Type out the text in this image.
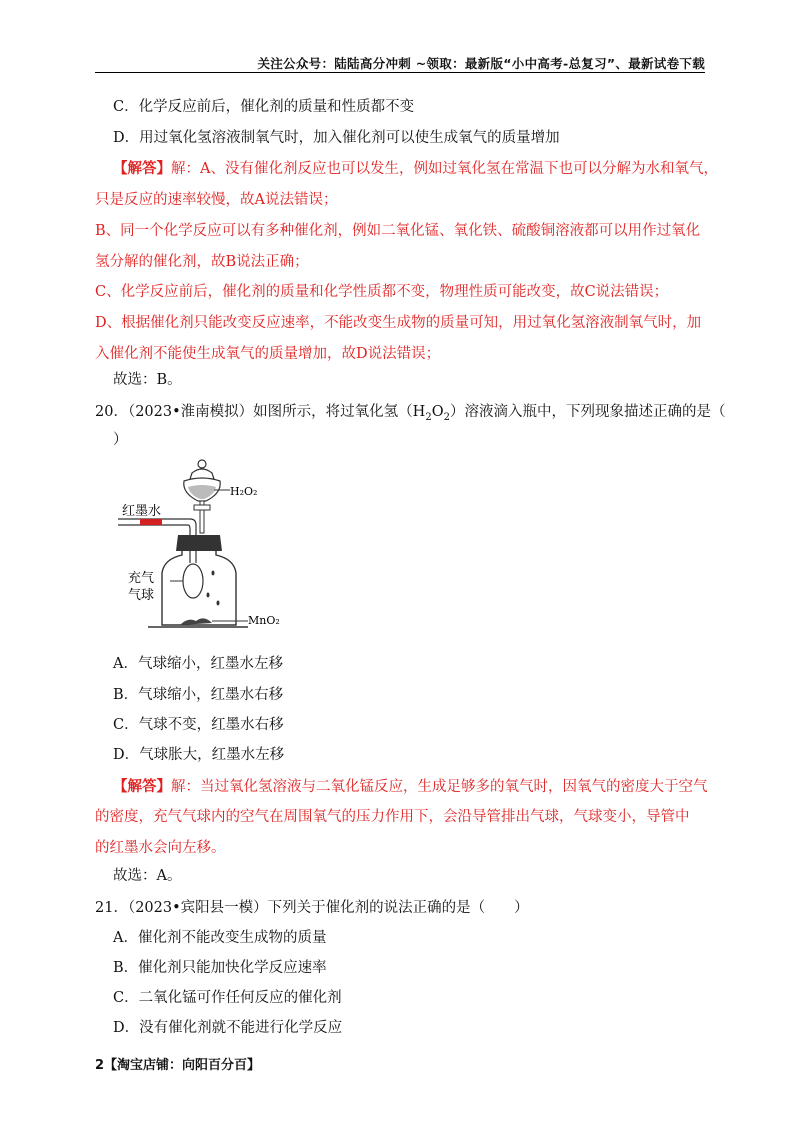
关注公众号：陆陆高分冲刺 ~领取：最新版“小中高考-总复习”、最新试卷下载
C．化学反应前后，催化剂的质量和性质都不变
D．用过氧化氢溶液制氧气时，加入催化剂可以使生成氧气的质量增加
【解答】解：A、没有催化剂反应也可以发生，例如过氧化氢在常温下也可以分解为水和氧气，
只是反应的速率较慢，故A说法错误；
B、同一个化学反应可以有多种催化剂，例如二氧化锰、氧化铁、硫酸铜溶液都可以用作过氧化
氢分解的催化剂，故B说法正确；
C、化学反应前后，催化剂的质量和化学性质都不变，物理性质可能改变，故C说法错误；
D、根据催化剂只能改变反应速率，不能改变生成物的质量可知，用过氧化氢溶液制氧气时，加
入催化剂不能使生成氧气的质量增加，故D说法错误；
故选：B。
20．（2023•淮南模拟）如图所示，将过氧化氢$(H_2O_2)$溶液滴入瓶中，下列现象描述正确的是（
）
H₂O₂
红墨水
充气
气球
MnO₂
A．气球缩小，红墨水左移
B．气球缩小，红墨水右移
C．气球不变，红墨水右移
D．气球胀大，红墨水左移
【解答】解：当过氧化氢溶液与二氧化锰反应，生成足够多的氧气时，因氧气的密度大于空气
的密度，充气气球内的空气在周围氧气的压力作用下，会沿导管排出气球，气球变小，导管中
的红墨水会向左移。
故选：A。
21．（2023•宾阳县一模）下列关于催化剂的说法正确的是（　　）
A．催化剂不能改变生成物的质量
B．催化剂只能加快化学反应速率
C．二氧化锰可作任何反应的催化剂
D．没有催化剂就不能进行化学反应
2【淘宝店铺：向阳百分百】
